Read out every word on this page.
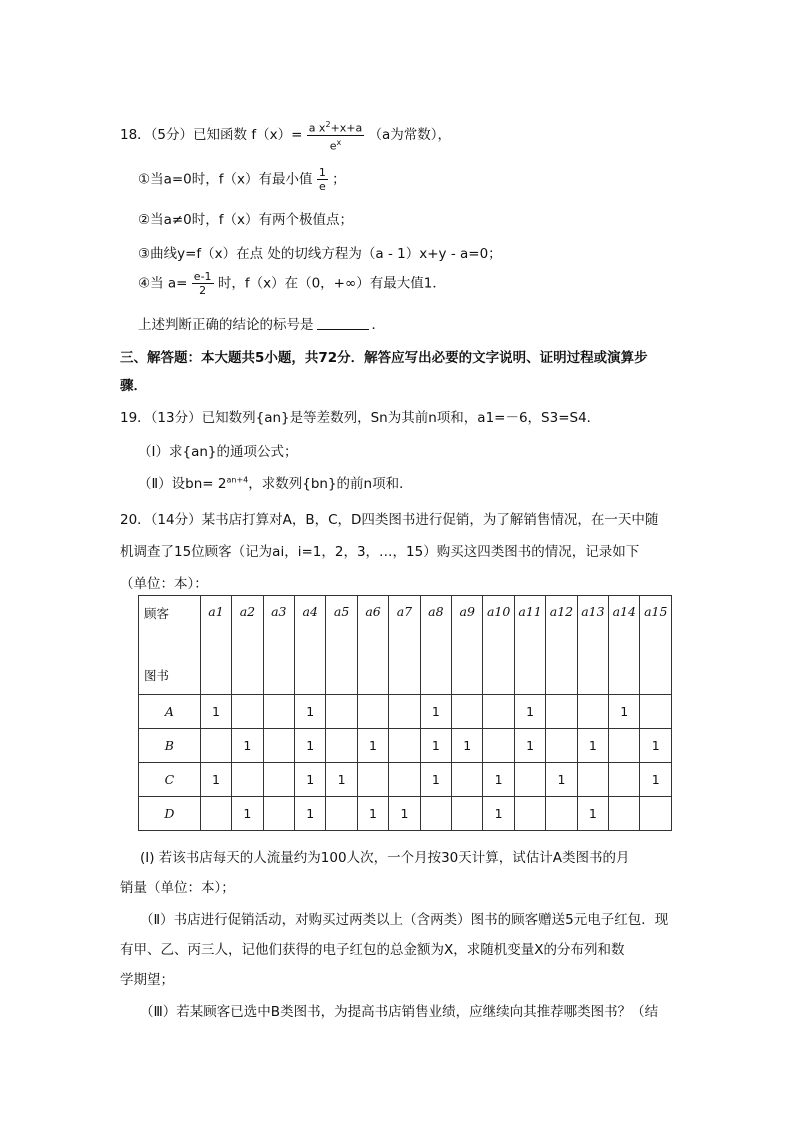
18．（5分）已知函数 $f(x)= \frac{a x^2+x+a}{e^x} (a$为常数），
①当a=0时，f（x）有最小值 $\frac{1}{e}$ ；
②当a≠0时，f（x）有两个极值点；
③曲线y=f（x）在点 处的切线方程为（a - 1）x+y - a=0；
④当 $a= \frac{e-1}{2}$ 时，f（x）在（0，+∞）有最大值1．
上述判断正确的结论的标号是	．
三、解答题：本大题共5小题，共72分．解答应写出必要的文字说明、证明过程或演算步
骤．
19．（13分）已知数列{an}是等差数列，Sn为其前n项和，a1=－6，S3=S4．
（Ⅰ）求{an}的通项公式；
（Ⅱ）设$bn= 2^{an+4}$，求数列{bn}的前n项和．
20．（14分）某书店打算对A，B，C，D四类图书进行促销，为了解销售情况，在一天中随
机调查了15位顾客（记为ai，i=1，2，3，…，15）购买这四类图书的情况，记录如下
（单位：本）：
顾客
图书	a1	a2	a3	a4	a5	a6	a7	a8	a9	a10	a11	a12	a13	a14	a15
A	1			1				1			1			1	
B		1		1		1		1	1		1		1		1
C	1			1	1			1		1		1			1
D		1		1		1	1			1			1		
(I) 若该书店每天的人流量约为100人次，一个月按30天计算，试估计A类图书的月
销量（单位：本）；
（Ⅱ）书店进行促销活动，对购买过两类以上（含两类）图书的顾客赠送5元电子红包．现
有甲、乙、丙三人，记他们获得的电子红包的总金额为X，求随机变量X的分布列和数
学期望；
（Ⅲ）若某顾客已选中B类图书，为提高书店销售业绩，应继续向其推荐哪类图书？（结
